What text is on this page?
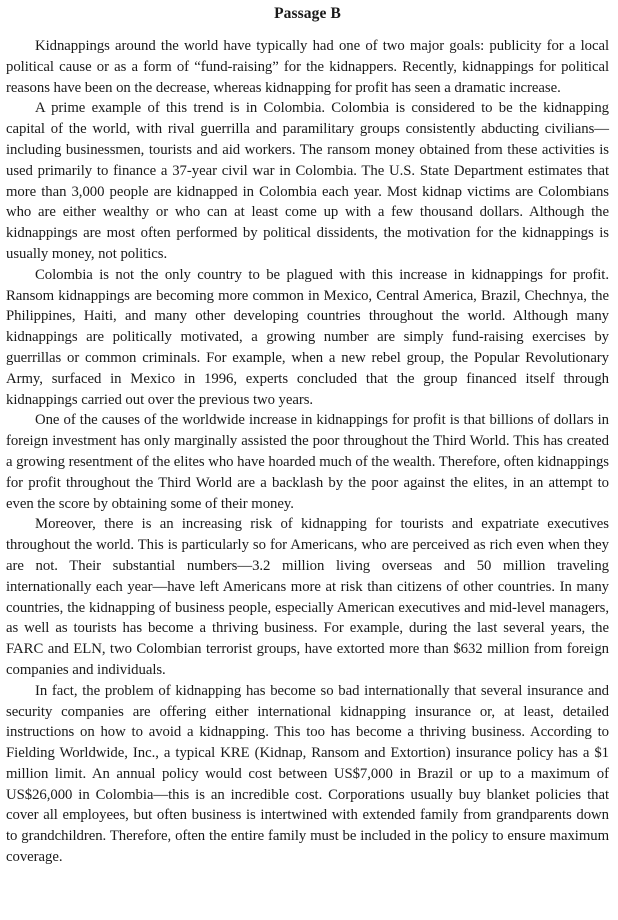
Passage B

Kidnappings around the world have typically had one of two major goals: publicity for a local political cause or as a form of “fund-raising” for the kidnappers. Recently, kidnappings for political reasons have been on the decrease, whereas kidnapping for profit has seen a dramatic increase.

A prime example of this trend is in Colombia. Colombia is considered to be the kidnapping capital of the world, with rival guerrilla and paramilitary groups consistently abducting civilians—including businessmen, tourists and aid workers. The ransom money obtained from these activities is used primarily to finance a 37-year civil war in Colombia. The U.S. State Department estimates that more than 3,000 people are kidnapped in Colombia each year. Most kidnap victims are Colombians who are either wealthy or who can at least come up with a few thousand dollars. Although the kidnappings are most often performed by political dissidents, the motivation for the kidnappings is usually money, not politics.

Colombia is not the only country to be plagued with this increase in kidnappings for profit. Ransom kidnappings are becoming more common in Mexico, Central America, Brazil, Chechnya, the Philippines, Haiti, and many other developing countries throughout the world. Although many kidnappings are politically motivated, a growing number are simply fund-raising exercises by guerrillas or common criminals. For example, when a new rebel group, the Popular Revolutionary Army, surfaced in Mexico in 1996, experts concluded that the group financed itself through kidnappings carried out over the previous two years.

One of the causes of the worldwide increase in kidnappings for profit is that billions of dollars in foreign investment has only marginally assisted the poor throughout the Third World. This has created a growing resentment of the elites who have hoarded much of the wealth. Therefore, often kidnappings for profit throughout the Third World are a backlash by the poor against the elites, in an attempt to even the score by obtaining some of their money.

Moreover, there is an increasing risk of kidnapping for tourists and expatriate executives throughout the world. This is particularly so for Americans, who are perceived as rich even when they are not. Their substantial numbers—3.2 million living overseas and 50 million traveling internationally each year—have left Americans more at risk than citizens of other countries. In many countries, the kidnapping of business people, especially American executives and mid-level managers, as well as tourists has become a thriving business. For example, during the last several years, the FARC and ELN, two Colombian terrorist groups, have extorted more than $632 million from foreign companies and individuals.

In fact, the problem of kidnapping has become so bad internationally that several insurance and security companies are offering either international kidnapping insurance or, at least, detailed instructions on how to avoid a kidnapping. This too has become a thriving business. According to Fielding Worldwide, Inc., a typical KRE (Kidnap, Ransom and Extortion) insurance policy has a $1 million limit. An annual policy would cost between US$7,000 in Brazil or up to a maximum of US$26,000 in Colombia—this is an incredible cost. Corporations usually buy blanket policies that cover all employees, but often business is intertwined with extended family from grandparents down to grandchildren. Therefore, often the entire family must be included in the policy to ensure maximum coverage.
